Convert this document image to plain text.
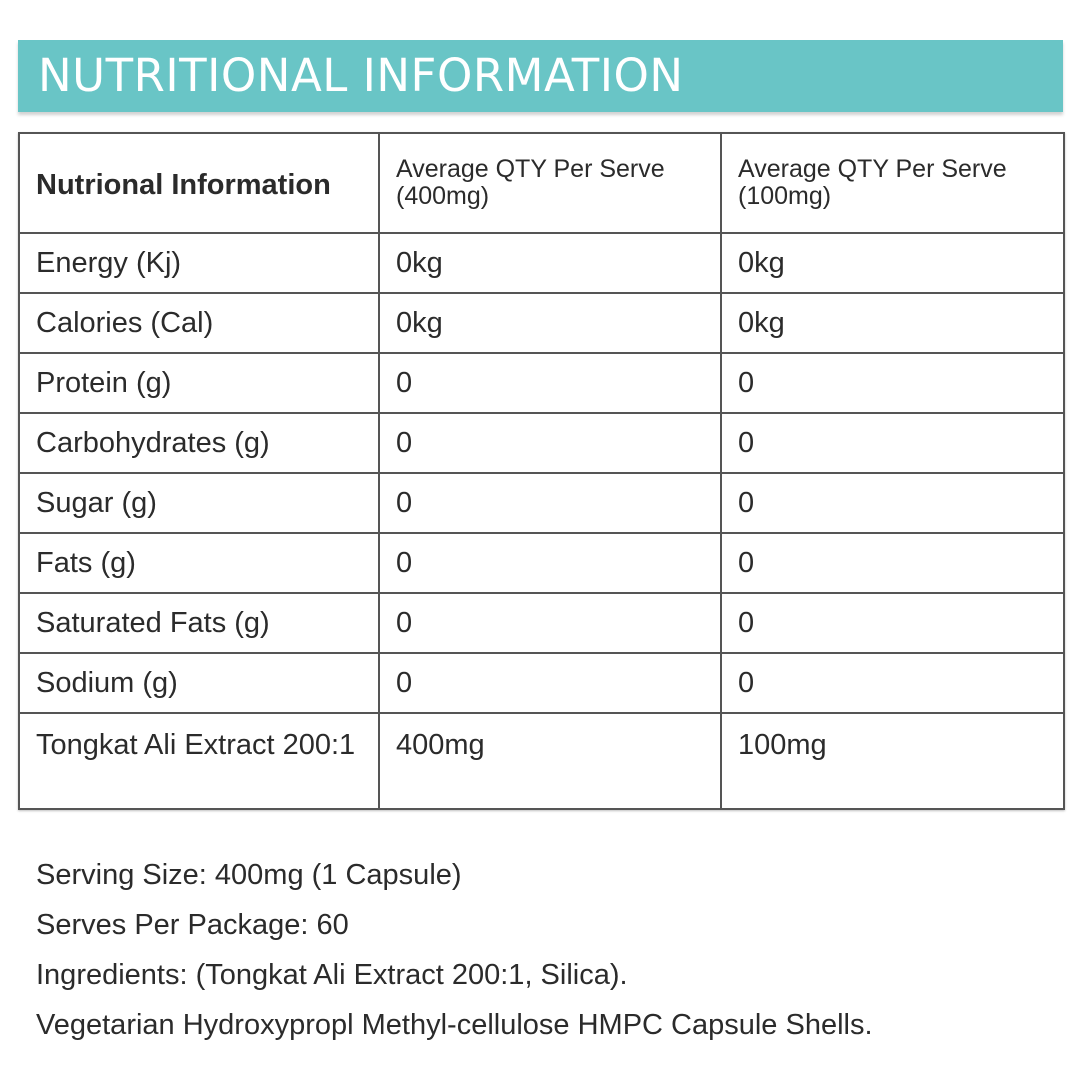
NUTRITIONAL INFORMATION
Nutrional Information	Average QTY Per Serve (400mg)	Average QTY Per Serve (100mg)
Energy (Kj)	0kg	0kg
Calories (Cal)	0kg	0kg
Protein (g)	0	0
Carbohydrates (g)	0	0
Sugar (g)	0	0
Fats (g)	0	0
Saturated Fats (g)	0	0
Sodium (g)	0	0
Tongkat Ali Extract 200:1	400mg	100mg
Serving Size: 400mg (1 Capsule)
Serves Per Package: 60
Ingredients: (Tongkat Ali Extract 200:1, Silica).
Vegetarian Hydroxypropl Methyl-cellulose HMPC Capsule Shells.
